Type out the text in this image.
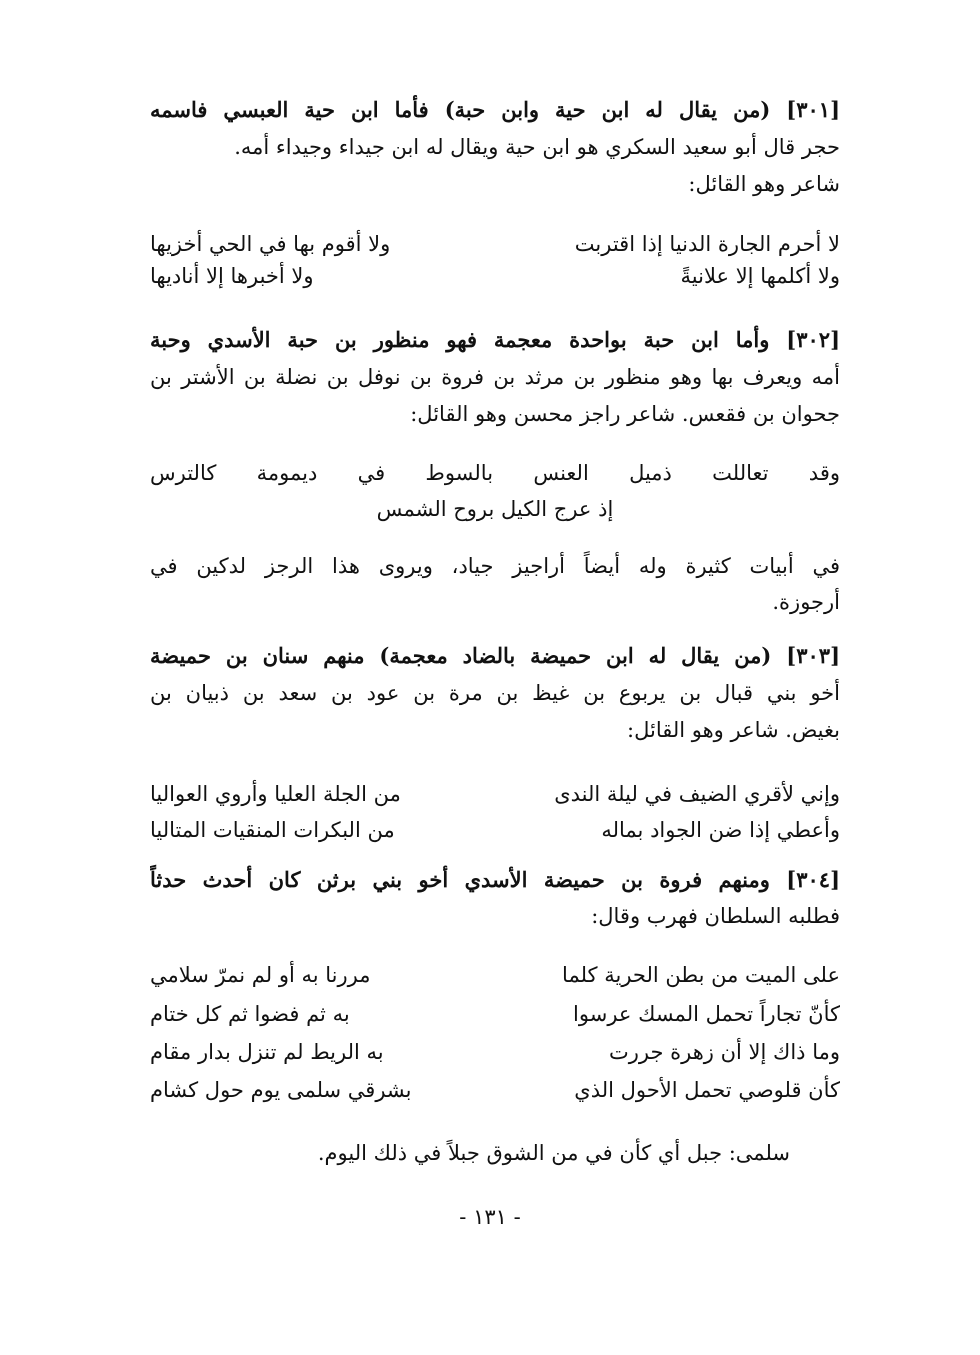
[٣٠١] (من يقال له ابن حية وابن حبة) فأما ابن حية العبسي فاسمه
حجر قال أبو سعيد السكري هو ابن حية ويقال له ابن جيداء وجيداء أمه.
شاعر وهو القائل:
لا أحرم الجارة الدنيا إذا اقتربت
ولا أقوم بها في الحي أخزيها
ولا أكلمها إلا علانيةً
ولا أخبرها إلا أناديها
[٣٠٢] وأما ابن حبة بواحدة معجمة فهو منظور بن حبة الأسدي وحبة
أمه ويعرف بها وهو منظور بن مرثد بن فروة بن نوفل بن نضلة بن الأشتر بن
جحوان بن فقعس. شاعر راجز محسن وهو القائل:
وقد تعاللت ذميل العنس بالسوط في ديمومة كالترس
إذ عرج الكيل بروح الشمس
في أبيات كثيرة وله أيضاً أراجيز جياد، ويروى هذا الرجز لدكين في
أرجوزة.
[٣٠٣] (من يقال له ابن حميضة بالضاد معجمة) منهم سنان بن حميضة
أخو بني قبال بن يربوع بن غيظ بن مرة بن عود بن سعد بن ذبيان بن
بغيض. شاعر وهو القائل:
وإني لأقري الضيف في ليلة الندى
من الجلة العليا وأروي العواليا
وأعطي إذا ضن الجواد بماله
من البكرات المنقيات المتاليا
[٣٠٤] ومنهم فروة بن حميضة الأسدي أخو بني برثن كان أحدث حدثاً
فطلبه السلطان فهرب وقال:
على الميت من بطن الحرية كلما
مررنا به أو لم نمرّ سلامي
كأنّ تجاراً تحمل المسك عرسوا
به ثم فضوا ثم كل ختام
وما ذاك إلا أن زهرة جررت
به الريط لم تنزل بدار مقام
كأن قلوصي تحمل الأحول الذي
بشرقي سلمى يوم حول كشام
سلمى: جبل أي كأن في من الشوق جبلاً في ذلك اليوم.
- ١٣١ -
